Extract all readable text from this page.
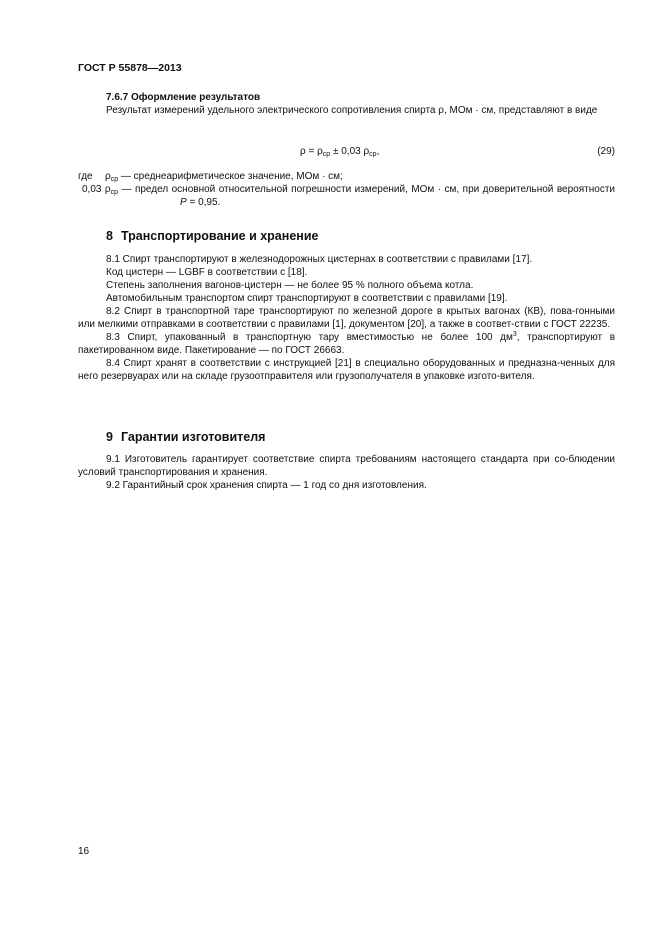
ГОСТ Р 55878—2013
7.6.7 Оформление результатов

Результат измерений удельного электрического сопротивления спирта ρ, МОм · см, представляют в виде

$\rho = \rho_{ср} \pm 0,03$ $\rho_{ср}$,	(29)
где	$\rho_{ср}$ — среднеарифметическое значение, МОм · см;

0,03 $\rho_{ср}$ — предел основной относительной погрешности измерений, МОм · см, при доверительной вероятности P = 0,95.

8 Транспортирование и хранение

8.1 Спирт транспортируют в железнодорожных цистернах в соответствии с правилами [17].

Код цистерн — LGBF в соответствии с [18].

Степень заполнения вагонов-цистерн — не более 95 % полного объема котла.

Автомобильным транспортом спирт транспортируют в соответствии с правилами [19].

8.2 Спирт в транспортной таре транспортируют по железной дороге в крытых вагонах (КВ), пова-гонными или мелкими отправками в соответствии с правилами [1], документом [20], а также в соответ-ствии с ГОСТ 22235.

8.3 Спирт, упакованный в транспортную тару вместимостью не более 100 $дм^3$, транспортируют в пакетированном виде. Пакетирование — по ГОСТ 26663.

8.4 Спирт хранят в соответствии с инструкцией [21] в специально оборудованных и предназна-ченных для него резервуарах или на складе грузоотправителя или грузополучателя в упаковке изгото-вителя.

9 Гарантии изготовителя

9.1 Изготовитель гарантирует соответствие спирта требованиям настоящего стандарта при со-блюдении условий транспортирования и хранения.

9.2 Гарантийный срок хранения спирта — 1 год со дня изготовления.

16
